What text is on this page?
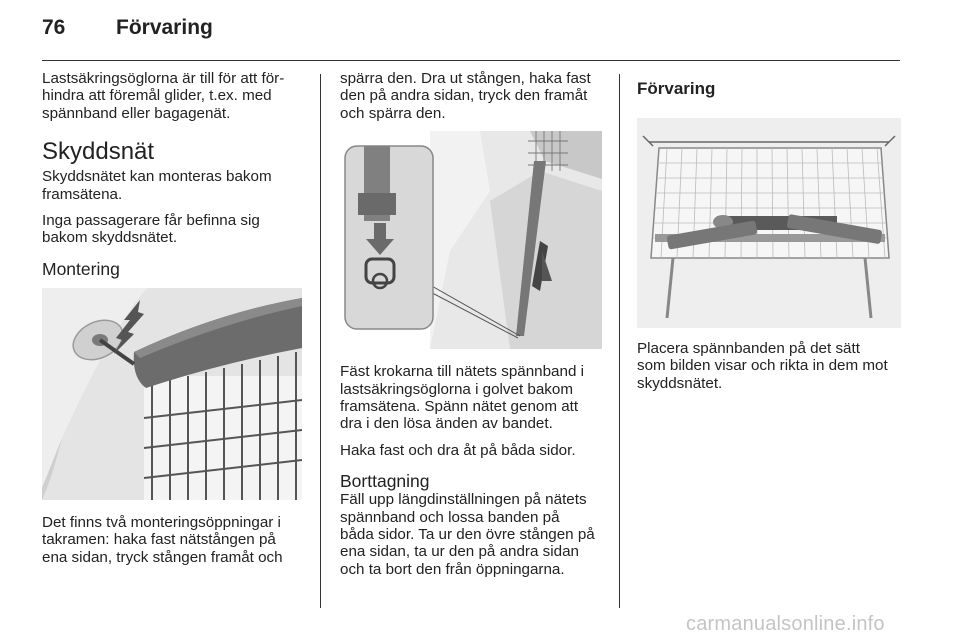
76 Förvaring

Lastsäkringsöglorna är till för att för-
hindra att föremål glider, t.ex. med
spännband eller bagagenät.

Skyddsnät

Skyddsnätet kan monteras bakom
framsätena.

Inga passagerare får befinna sig
bakom skyddsnätet.

Montering

Det finns två monteringsöppningar i
takramen: haka fast nätstången på
ena sidan, tryck stången framåt och

spärra den. Dra ut stången, haka fast
den på andra sidan, tryck den framåt
och spärra den.

Fäst krokarna till nätets spännband i
lastsäkringsöglorna i golvet bakom
framsätena. Spänn nätet genom att
dra i den lösa änden av bandet.

Haka fast och dra åt på båda sidor.

Borttagning

Fäll upp längdinställningen på nätets
spännband och lossa banden på
båda sidor. Ta ur den övre stången på
ena sidan, ta ur den på andra sidan
och ta bort den från öppningarna.

Förvaring

Placera spännbanden på det sätt
som bilden visar och rikta in dem mot
skyddsnätet.

carmanualsonline.info
